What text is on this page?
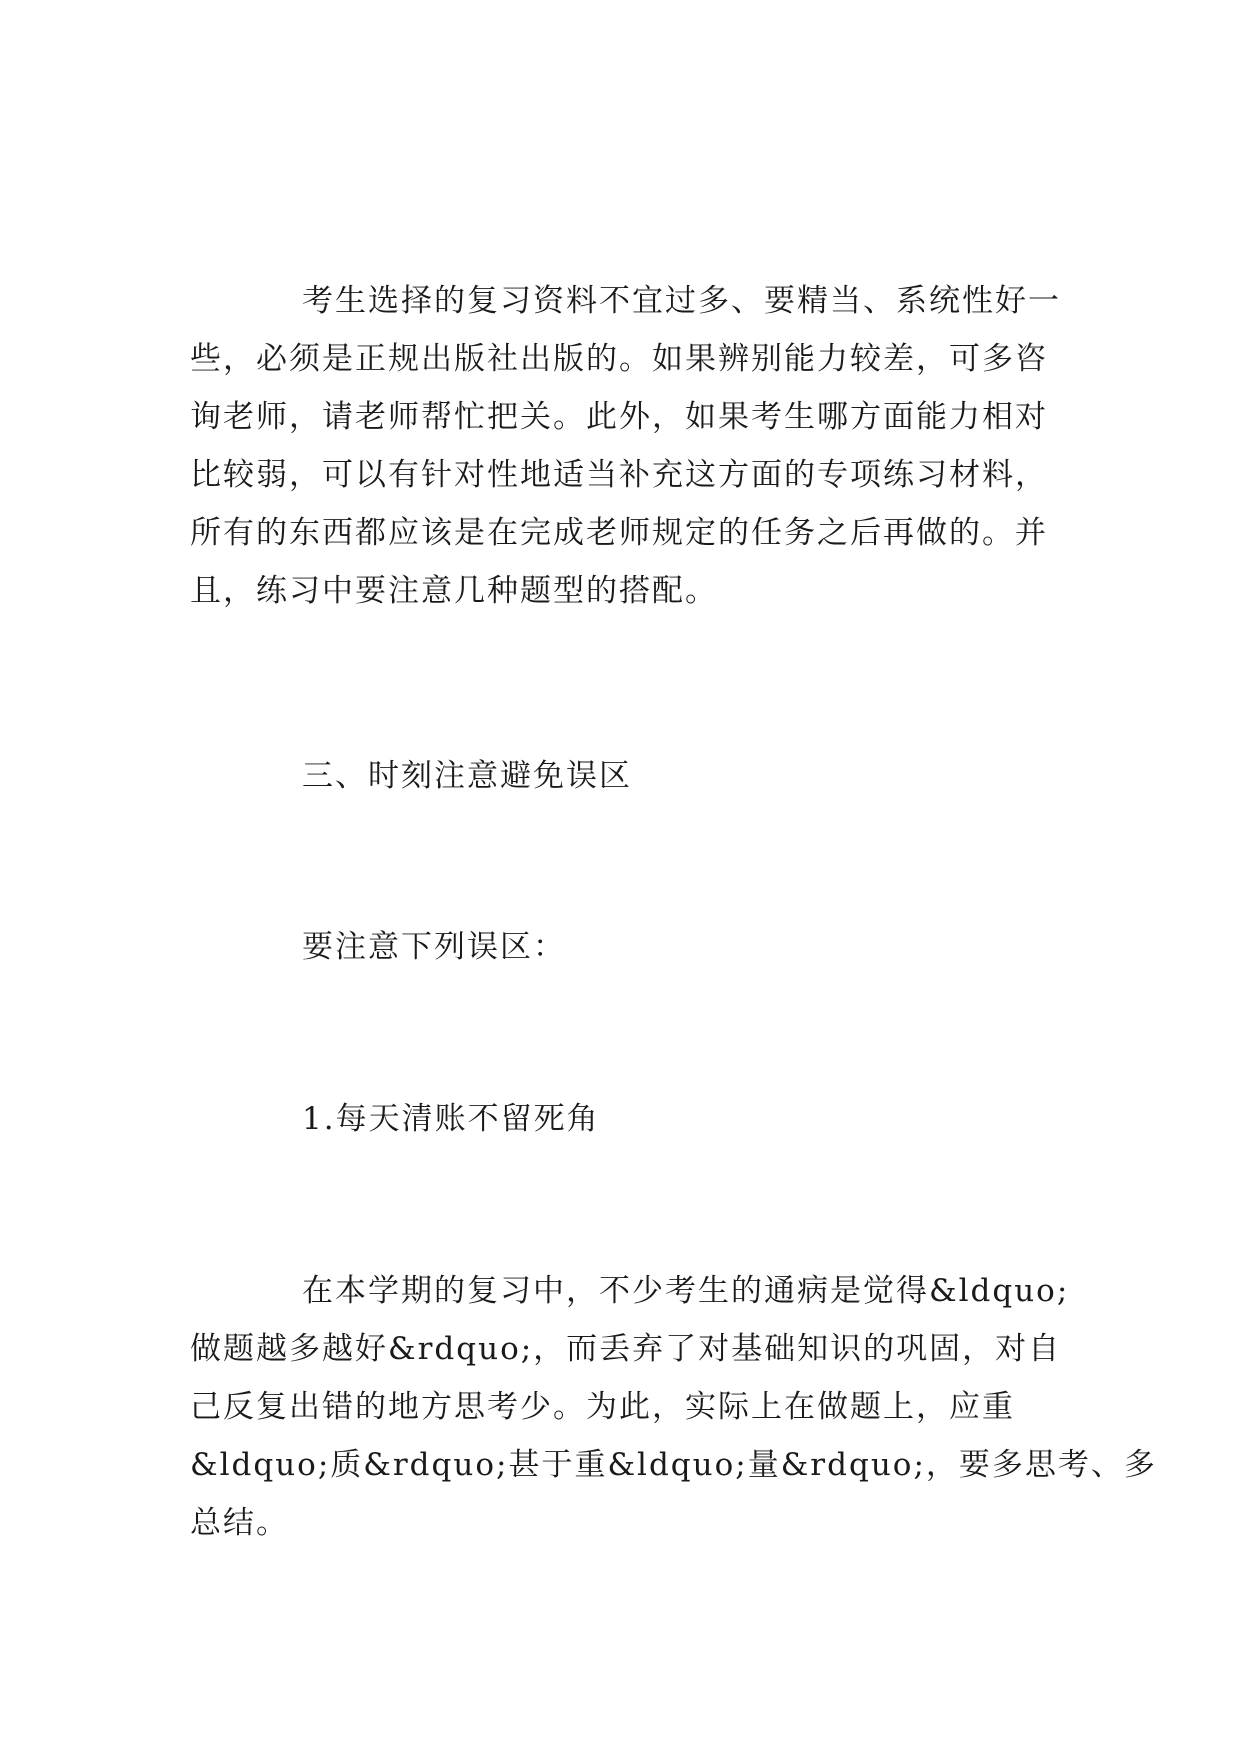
考生选择的复习资料不宜过多、要精当、系统性好一
些，必须是正规出版社出版的。如果辨别能力较差，可多咨
询老师，请老师帮忙把关。此外，如果考生哪方面能力相对
比较弱，可以有针对性地适当补充这方面的专项练习材料，
所有的东西都应该是在完成老师规定的任务之后再做的。并
且，练习中要注意几种题型的搭配。

三、时刻注意避免误区

要注意下列误区：

1.每天清账不留死角

在本学期的复习中，不少考生的通病是觉得&ldquo;
做题越多越好&rdquo;，而丢弃了对基础知识的巩固，对自
己反复出错的地方思考少。为此，实际上在做题上，应重
&ldquo;质&rdquo;甚于重&ldquo;量&rdquo;，要多思考、多
总结。
